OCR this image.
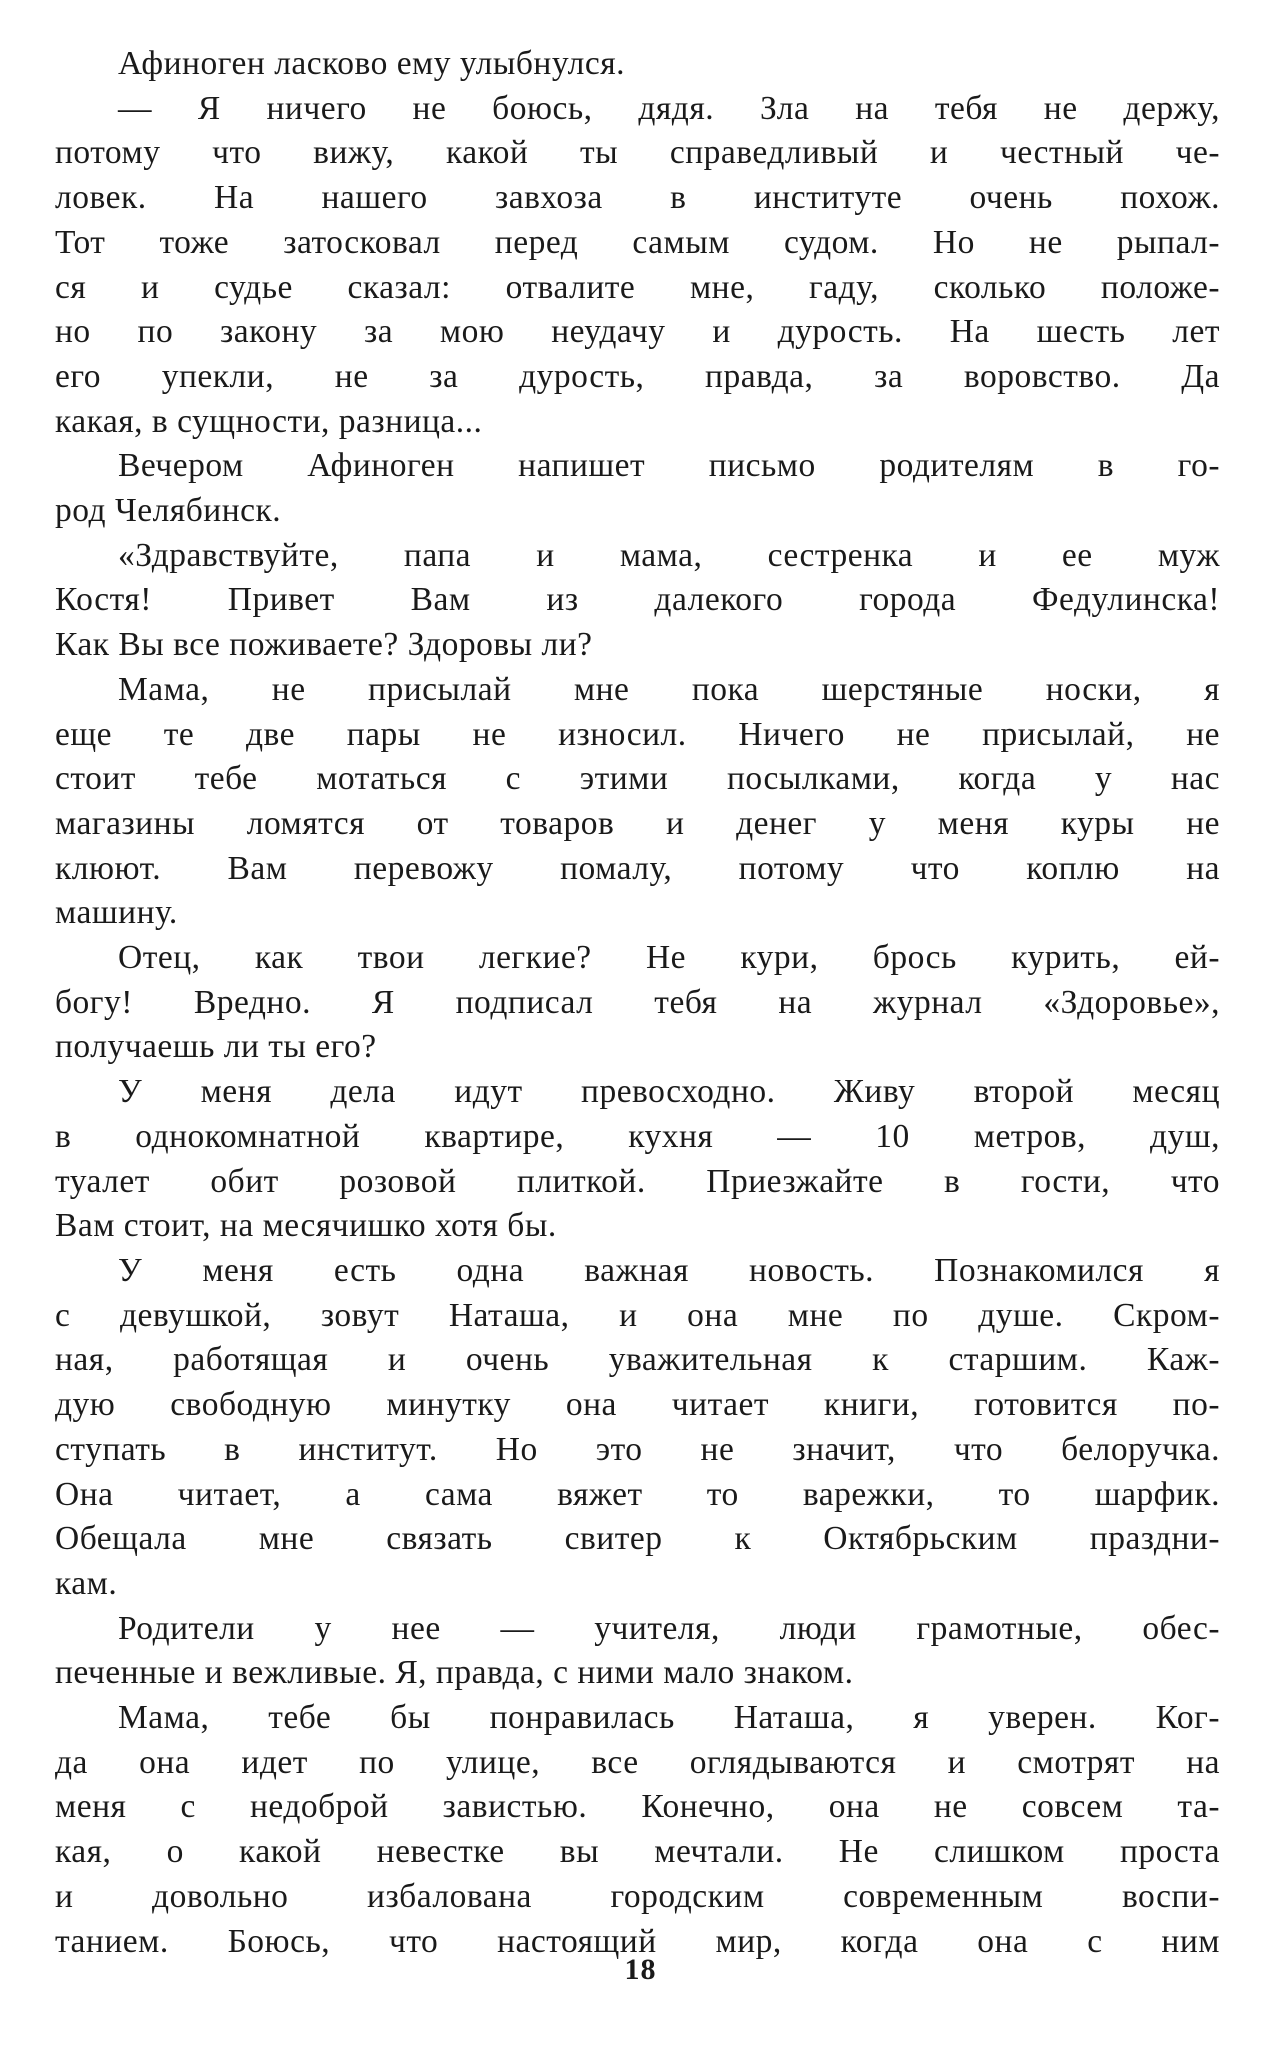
Афиноген ласково ему улыбнулся.
— Я ничего не боюсь, дядя. Зла на тебя не держу,
потому что вижу, какой ты справедливый и честный че-
ловек. На нашего завхоза в институте очень похож.
Тот тоже затосковал перед самым судом. Но не рыпал-
ся и судье сказал: отвалите мне, гаду, сколько положе-
но по закону за мою неудачу и дурость. На шесть лет
его упекли, не за дурость, правда, за воровство. Да
какая, в сущности, разница...
Вечером Афиноген напишет письмо родителям в го-
род Челябинск.
«Здравствуйте, папа и мама, сестренка и ее муж
Костя! Привет Вам из далекого города Федулинска!
Как Вы все поживаете? Здоровы ли?
Мама, не присылай мне пока шерстяные носки, я
еще те две пары не износил. Ничего не присылай, не
стоит тебе мотаться с этими посылками, когда у нас
магазины ломятся от товаров и денег у меня куры не
клюют. Вам перевожу помалу, потому что коплю на
машину.
Отец, как твои легкие? Не кури, брось курить, ей-
богу! Вредно. Я подписал тебя на журнал «Здоровье»,
получаешь ли ты его?
У меня дела идут превосходно. Живу второй месяц
в однокомнатной квартире, кухня — 10 метров, душ,
туалет обит розовой плиткой. Приезжайте в гости, что
Вам стоит, на месячишко хотя бы.
У меня есть одна важная новость. Познакомился я
с девушкой, зовут Наташа, и она мне по душе. Скром-
ная, работящая и очень уважительная к старшим. Каж-
дую свободную минутку она читает книги, готовится по-
ступать в институт. Но это не значит, что белоручка.
Она читает, а сама вяжет то варежки, то шарфик.
Обещала мне связать свитер к Октябрьским праздни-
кам.
Родители у нее — учителя, люди грамотные, обес-
печенные и вежливые. Я, правда, с ними мало знаком.
Мама, тебе бы понравилась Наташа, я уверен. Ког-
да она идет по улице, все оглядываются и смотрят на
меня с недоброй завистью. Конечно, она не совсем та-
кая, о какой невестке вы мечтали. Не слишком проста
и довольно избалована городским современным воспи-
танием. Боюсь, что настоящий мир, когда она с ним
18
